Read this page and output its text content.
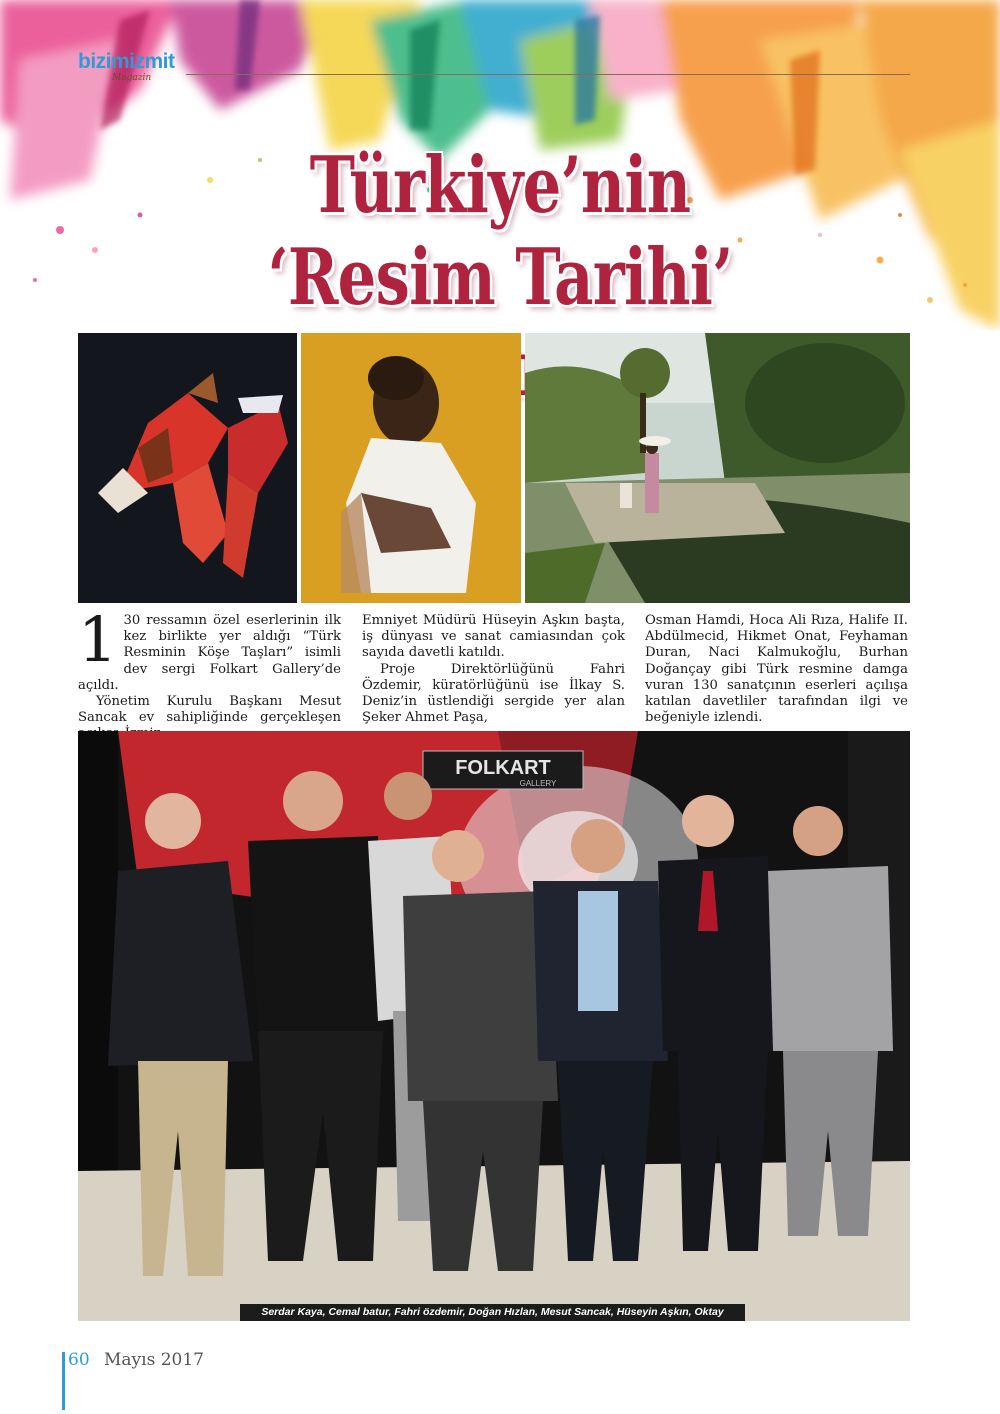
bizimizmit
Magazin
Türkiye’nin
‘Resim Tarihi’

1 30 ressamın özel eserlerinin ilk kez birlikte yer aldığı “Türk Resminin Köşe Taşları” isimli dev sergi Folkart Gallery’de açıldı.

Yönetim Kurulu Başkanı Mesut Sancak ev sahipliğinde gerçekleşen

Emniyet Müdürü Hüseyin Aşkın başta, iş dünyası ve sanat camiasından çok sayıda davetli katıldı.

Proje Direktörlüğünü Fahri Özdemir, küratörlüğünü ise İlkay S. Deniz’in üstlendiği sergide yer alan Şeker Ahmet Paşa,

Osman Hamdi, Hoca Ali Rıza, Halife II. Abdülmecid, Hikmet Onat, Feyhaman Duran, Naci Kalmukoğlu, Burhan Doğançay gibi Türk resmine damga vuran 130 sanatçının eserleri açılışa katılan davetliler tarafından ilgi ve beğeniyle izlendi.

FOLKART
GALLERY
Serdar Kaya, Cemal batur, Fahri özdemir, Doğan Hızlan, Mesut Sancak, Hüseyin Aşkın, Oktay Keresteci
60 Mayıs 2017
